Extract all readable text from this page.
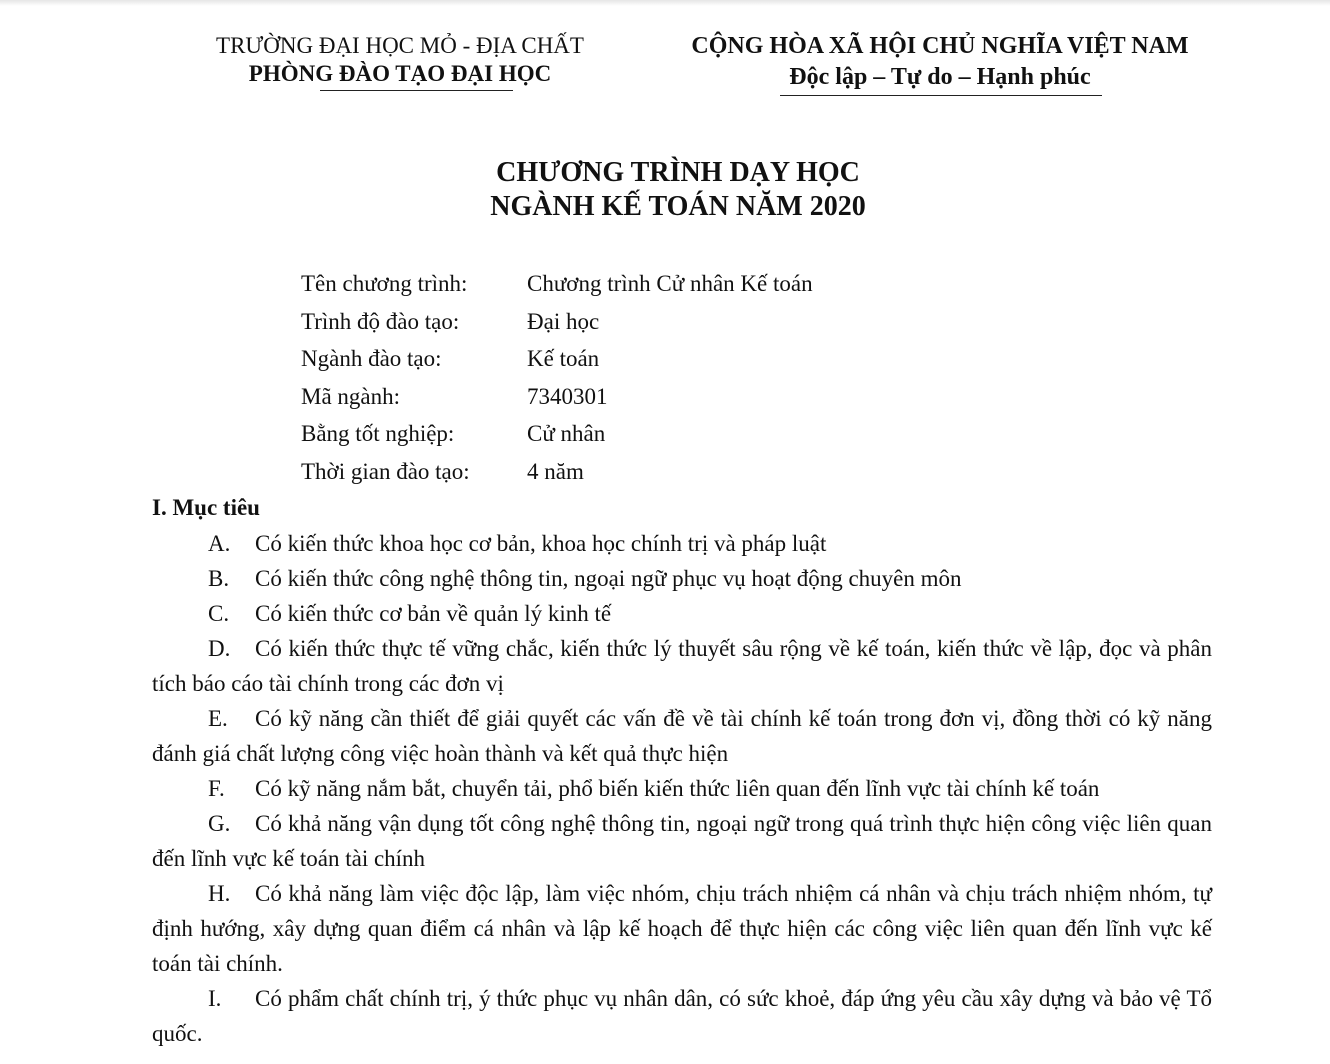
TRƯỜNG ĐẠI HỌC MỎ - ĐỊA CHẤT
PHÒNG ĐÀO TẠO ĐẠI HỌC
CỘNG HÒA XÃ HỘI CHỦ NGHĨA VIỆT NAM
Độc lập – Tự do – Hạnh phúc
CHƯƠNG TRÌNH DẠY HỌC
NGÀNH KẾ TOÁN NĂM 2020
Tên chương trình:	Chương trình Cử nhân Kế toán
Trình độ đào tạo:	Đại học
Ngành đào tạo:	Kế toán
Mã ngành:	7340301
Bằng tốt nghiệp:	Cử nhân
Thời gian đào tạo: 4 năm
I. Mục tiêu
A. Có kiến thức khoa học cơ bản, khoa học chính trị và pháp luật
B. Có kiến thức công nghệ thông tin, ngoại ngữ phục vụ hoạt động chuyên môn
C. Có kiến thức cơ bản về quản lý kinh tế
D. Có kiến thức thực tế vững chắc, kiến thức lý thuyết sâu rộng về kế toán, kiến thức về lập, đọc và phân tích báo cáo tài chính trong các đơn vị
E. Có kỹ năng cần thiết để giải quyết các vấn đề về tài chính kế toán trong đơn vị, đồng thời có kỹ năng đánh giá chất lượng công việc hoàn thành và kết quả thực hiện
F. Có kỹ năng nắm bắt, chuyển tải, phổ biến kiến thức liên quan đến lĩnh vực tài chính kế toán
G. Có khả năng vận dụng tốt công nghệ thông tin, ngoại ngữ trong quá trình thực hiện công việc liên quan đến lĩnh vực kế toán tài chính
H. Có khả năng làm việc độc lập, làm việc nhóm, chịu trách nhiệm cá nhân và chịu trách nhiệm nhóm, tự định hướng, xây dựng quan điểm cá nhân và lập kế hoạch để thực hiện các công việc liên quan đến lĩnh vực kế toán tài chính.
I. Có phẩm chất chính trị, ý thức phục vụ nhân dân, có sức khoẻ, đáp ứng yêu cầu xây dựng và bảo vệ Tổ quốc.
